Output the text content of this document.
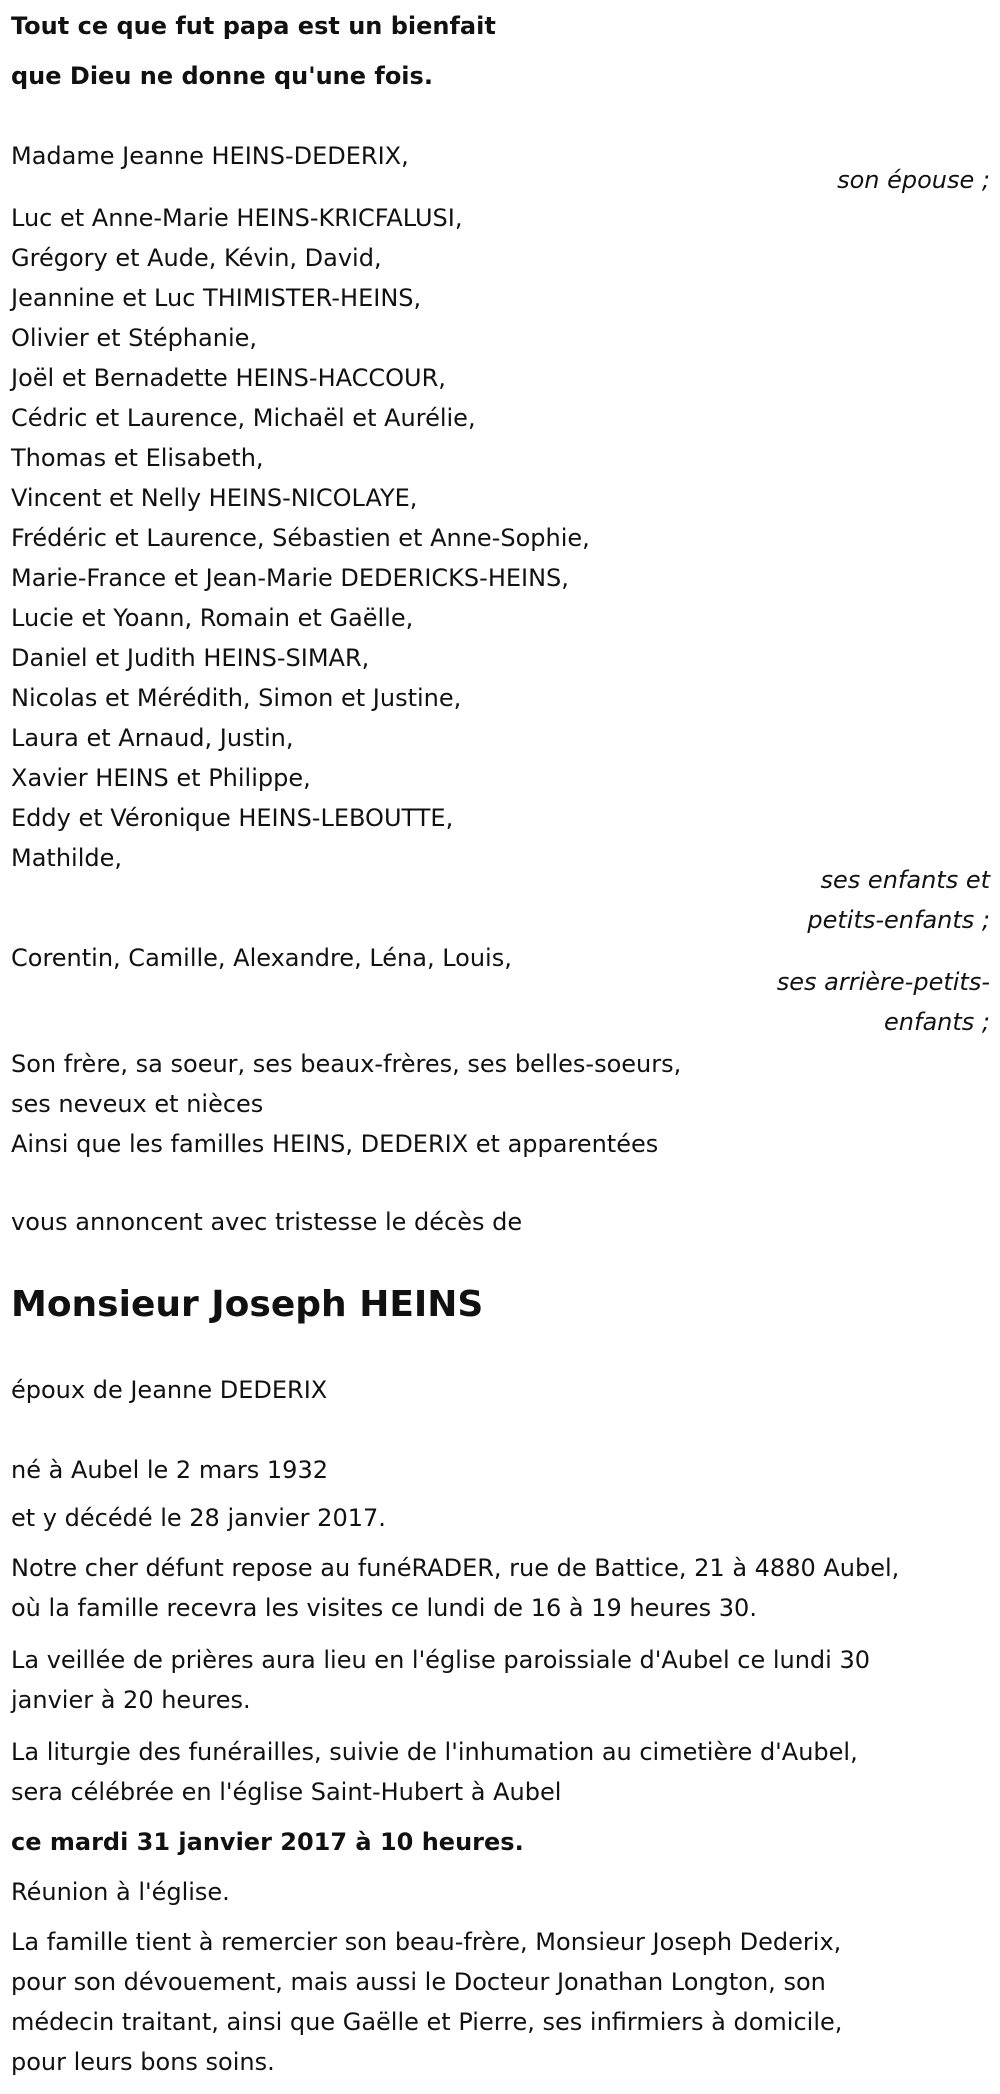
Tout ce que fut papa est un bienfait
que Dieu ne donne qu'une fois.
Madame Jeanne HEINS-DEDERIX,
son épouse ;
Luc et Anne-Marie HEINS-KRICFALUSI,
Grégory et Aude, Kévin, David,
Jeannine et Luc THIMISTER-HEINS,
Olivier et Stéphanie,
Joël et Bernadette HEINS-HACCOUR,
Cédric et Laurence, Michaël et Aurélie,
Thomas et Elisabeth,
Vincent et Nelly HEINS-NICOLAYE,
Frédéric et Laurence, Sébastien et Anne-Sophie,
Marie-France et Jean-Marie DEDERICKS-HEINS,
Lucie et Yoann, Romain et Gaëlle,
Daniel et Judith HEINS-SIMAR,
Nicolas et Mérédith, Simon et Justine,
Laura et Arnaud, Justin,
Xavier HEINS et Philippe,
Eddy et Véronique HEINS-LEBOUTTE,
Mathilde,
ses enfants et
petits-enfants ;
Corentin, Camille, Alexandre, Léna, Louis,
ses arrière-petits-
enfants ;
Son frère, sa soeur, ses beaux-frères, ses belles-soeurs,
ses neveux et nièces
Ainsi que les familles HEINS, DEDERIX et apparentées
vous annoncent avec tristesse le décès de
Monsieur Joseph HEINS
époux de Jeanne DEDERIX
né à Aubel le 2 mars 1932
et y décédé le 28 janvier 2017.
Notre cher défunt repose au funéRADER, rue de Battice, 21 à 4880 Aubel,
où la famille recevra les visites ce lundi de 16 à 19 heures 30.
La veillée de prières aura lieu en l'église paroissiale d'Aubel ce lundi 30
janvier à 20 heures.
La liturgie des funérailles, suivie de l'inhumation au cimetière d'Aubel,
sera célébrée en l'église Saint-Hubert à Aubel
ce mardi 31 janvier 2017 à 10 heures.
Réunion à l'église.
La famille tient à remercier son beau-frère, Monsieur Joseph Dederix,
pour son dévouement, mais aussi le Docteur Jonathan Longton, son
médecin traitant, ainsi que Gaëlle et Pierre, ses infirmiers à domicile,
pour leurs bons soins.
